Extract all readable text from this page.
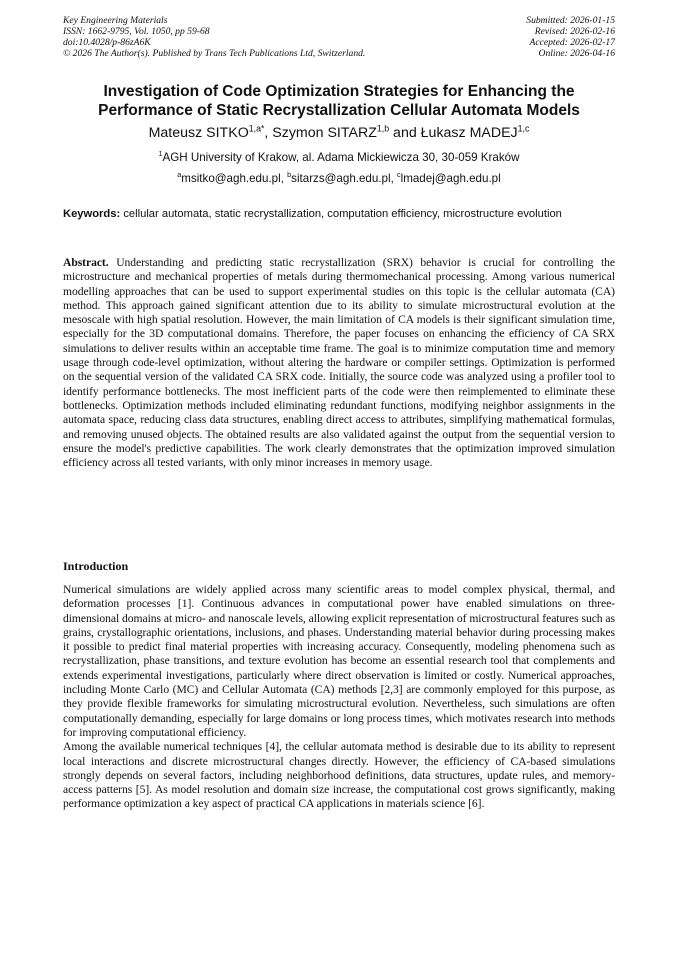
Key Engineering Materials
ISSN: 1662-9795, Vol. 1050, pp 59-68
doi:10.4028/p-86zA6K
© 2026 The Author(s). Published by Trans Tech Publications Ltd, Switzerland.
Submitted: 2026-01-15
Revised: 2026-02-16
Accepted: 2026-02-17
Online: 2026-04-16
Investigation of Code Optimization Strategies for Enhancing the
Performance of Static Recrystallization Cellular Automata Models
Mateusz $SITKO^{1,a*}$, Szymon SITARZ$^{1,b}$ and Łukasz MADEJ$^{1,c}$
$^1$AGH University of Krakow, al. Adama Mickiewicza 30, 30-059 Kraków
$^a$msitko@agh.edu.pl, $^b$sitarzs@agh.edu.pl, $^c$lmadej@agh.edu.pl
Keywords: cellular automata, static recrystallization, computation efficiency, microstructure evolution
Abstract. Understanding and predicting static recrystallization (SRX) behavior is crucial for controlling the microstructure and mechanical properties of metals during thermomechanical processing. Among various numerical modelling approaches that can be used to support experimental studies on this topic is the cellular automata (CA) method. This approach gained significant attention due to its ability to simulate microstructural evolution at the mesoscale with high spatial resolution. However, the main limitation of CA models is their significant simulation time, especially for the 3D computational domains. Therefore, the paper focuses on enhancing the efficiency of CA SRX simulations to deliver results within an acceptable time frame. The goal is to minimize computation time and memory usage through code-level optimization, without altering the hardware or compiler settings. Optimization is performed on the sequential version of the validated CA SRX code. Initially, the source code was analyzed using a profiler tool to identify performance bottlenecks. The most inefficient parts of the code were then reimplemented to eliminate these bottlenecks. Optimization methods included eliminating redundant functions, modifying neighbor assignments in the automata space, reducing class data structures, enabling direct access to attributes, simplifying mathematical formulas, and removing unused objects. The obtained results are also validated against the output from the sequential version to ensure the model's predictive capabilities. The work clearly demonstrates that the optimization improved simulation efficiency across all tested variants, with only minor increases in memory usage.
Introduction

Numerical simulations are widely applied across many scientific areas to model complex physical, thermal, and deformation processes [1]. Continuous advances in computational power have enabled simulations on three-dimensional domains at micro- and nanoscale levels, allowing explicit representation of microstructural features such as grains, crystallographic orientations, inclusions, and phases. Understanding material behavior during processing makes it possible to predict final material properties with increasing accuracy. Consequently, modeling phenomena such as recrystallization, phase transitions, and texture evolution has become an essential research tool that complements and extends experimental investigations, particularly where direct observation is limited or costly. Numerical approaches, including Monte Carlo (MC) and Cellular Automata (CA) methods [2,3] are commonly employed for this purpose, as they provide flexible frameworks for simulating microstructural evolution. Nevertheless, such simulations are often computationally demanding, especially for large domains or long process times, which motivates research into methods for improving computational efficiency.

Among the available numerical techniques [4], the cellular automata method is desirable due to its ability to represent local interactions and discrete microstructural changes directly. However, the efficiency of CA-based simulations strongly depends on several factors, including neighborhood definitions, data structures, update rules, and memory-access patterns [5]. As model resolution and domain size increase, the computational cost grows significantly, making performance optimization a key aspect of practical CA applications in materials science [6].
